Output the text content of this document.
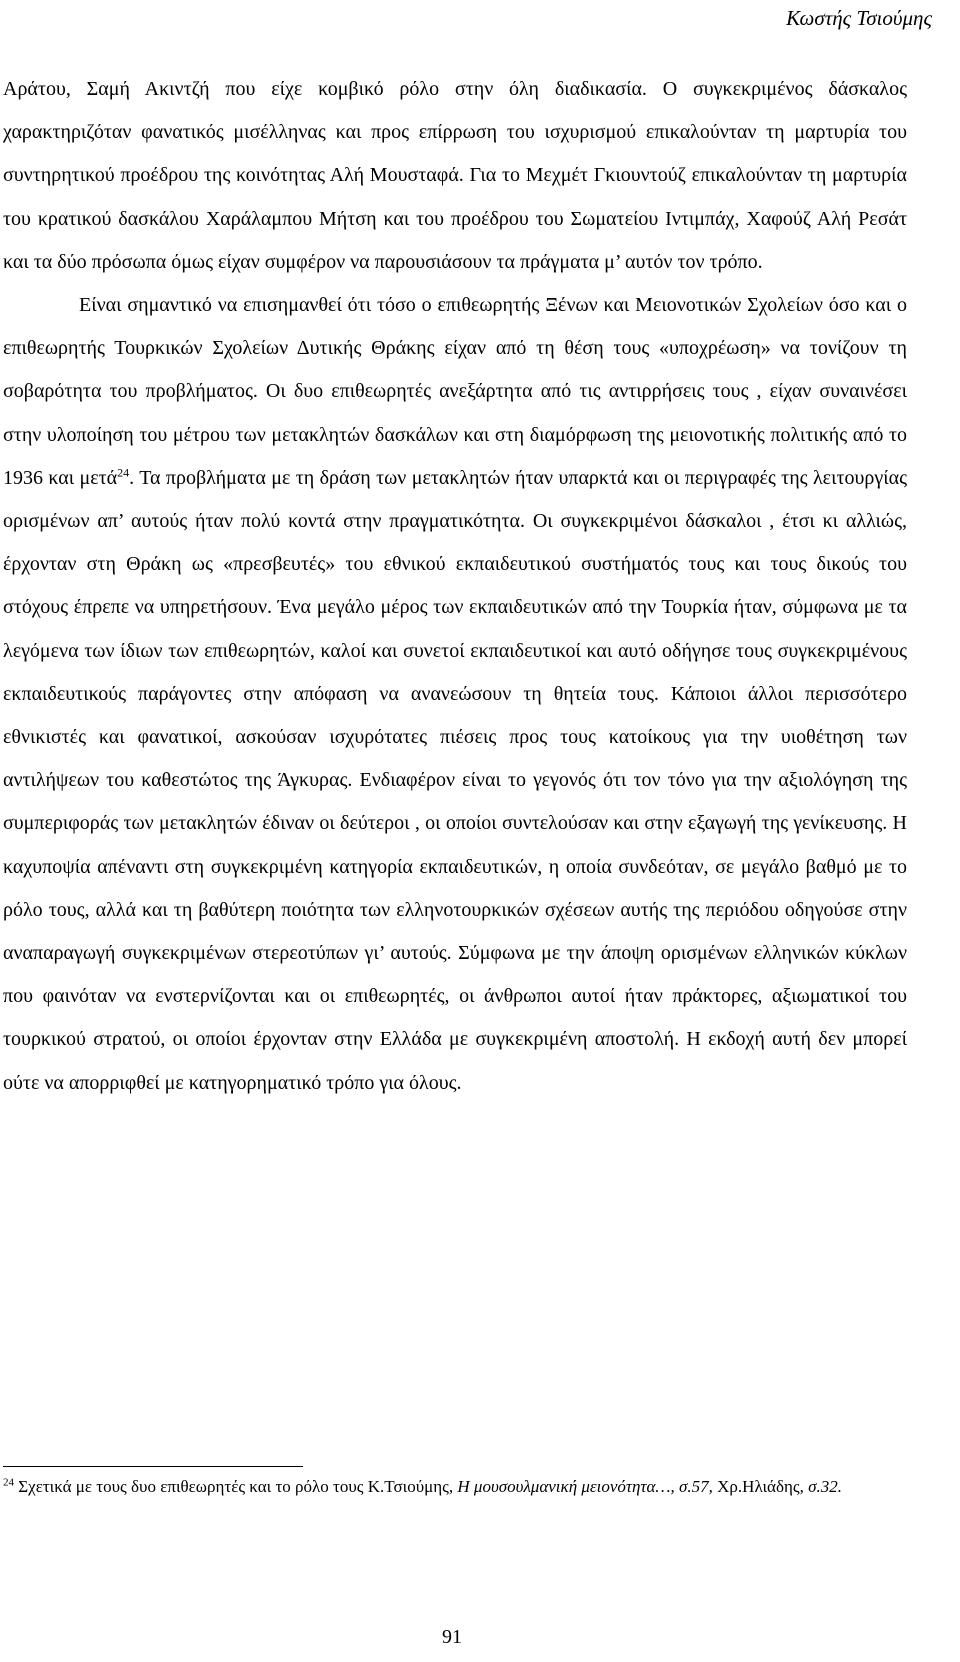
Κωστής Τσιούμης

Αράτου, Σαμή Ακιντζή που είχε κομβικό ρόλο στην όλη διαδικασία. Ο συγκεκριμένος δάσκαλος χαρακτηριζόταν φανατικός μισέλληνας και προς επίρρωση του ισχυρισμού επικαλούνταν τη μαρτυρία του συντηρητικού προέδρου της κοινότητας Αλή Μουσταφά. Για το Μεχμέτ Γκιουντούζ επικαλούνταν τη μαρτυρία του κρατικού δασκάλου Χαράλαμπου Μήτση και του προέδρου του Σωματείου Ιντιμπάχ, Χαφούζ Αλή Ρεσάτ και τα δύο πρόσωπα όμως είχαν συμφέρον να παρουσιάσουν τα πράγματα μ’ αυτόν τον τρόπο.

Είναι σημαντικό να επισημανθεί ότι τόσο ο επιθεωρητής Ξένων και Μειονοτικών Σχολείων όσο και ο επιθεωρητής Τουρκικών Σχολείων Δυτικής Θράκης είχαν από τη θέση τους «υποχρέωση» να τονίζουν τη σοβαρότητα του προβλήματος. Οι δυο επιθεωρητές ανεξάρτητα από τις αντιρρήσεις τους , είχαν συναινέσει στην υλοποίηση του μέτρου των μετακλητών δασκάλων και στη διαμόρφωση της μειονοτικής πολιτικής από το 1936 και μετά$^{24}$. Τα προβλήματα με τη δράση των μετακλητών ήταν υπαρκτά και οι περιγραφές της λειτουργίας ορισμένων απ’ αυτούς ήταν πολύ κοντά στην πραγματικότητα. Οι συγκεκριμένοι δάσκαλοι , έτσι κι αλλιώς, έρχονταν στη Θράκη ως «πρεσβευτές» του εθνικού εκπαιδευτικού συστήματός τους και τους δικούς του στόχους έπρεπε να υπηρετήσουν. Ένα μεγάλο μέρος των εκπαιδευτικών από την Τουρκία ήταν, σύμφωνα με τα λεγόμενα των ίδιων των επιθεωρητών, καλοί και συνετοί εκπαιδευτικοί και αυτό οδήγησε τους συγκεκριμένους εκπαιδευτικούς παράγοντες στην απόφαση να ανανεώσουν τη θητεία τους. Κάποιοι άλλοι περισσότερο εθνικιστές και φανατικοί, ασκούσαν ισχυρότατες πιέσεις προς τους κατοίκους για την υιοθέτηση των αντιλήψεων του καθεστώτος της Άγκυρας. Ενδιαφέρον είναι το γεγονός ότι τον τόνο για την αξιολόγηση της συμπεριφοράς των μετακλητών έδιναν οι δεύτεροι , οι οποίοι συντελούσαν και στην εξαγωγή της γενίκευσης. Η καχυποψία απέναντι στη συγκεκριμένη κατηγορία εκπαιδευτικών, η οποία συνδεόταν, σε μεγάλο βαθμό με το ρόλο τους, αλλά και τη βαθύτερη ποιότητα των ελληνοτουρκικών σχέσεων αυτής της περιόδου οδηγούσε στην αναπαραγωγή συγκεκριμένων στερεοτύπων γι’ αυτούς. Σύμφωνα με την άποψη ορισμένων ελληνικών κύκλων που φαινόταν να ενστερνίζονται και οι επιθεωρητές, οι άνθρωποι αυτοί ήταν πράκτορες, αξιωματικοί του τουρκικού στρατού, οι οποίοι έρχονταν στην Ελλάδα με συγκεκριμένη αποστολή. Η εκδοχή αυτή δεν μπορεί ούτε να απορριφθεί με κατηγορηματικό τρόπο για όλους.

$^{24}$ Σχετικά με τους δυο επιθεωρητές και το ρόλο τους Κ.Τσιούμης, Η μουσουλμανική μειονότητα…, σ.57, Χρ.Ηλιάδης, σ.32.
91
